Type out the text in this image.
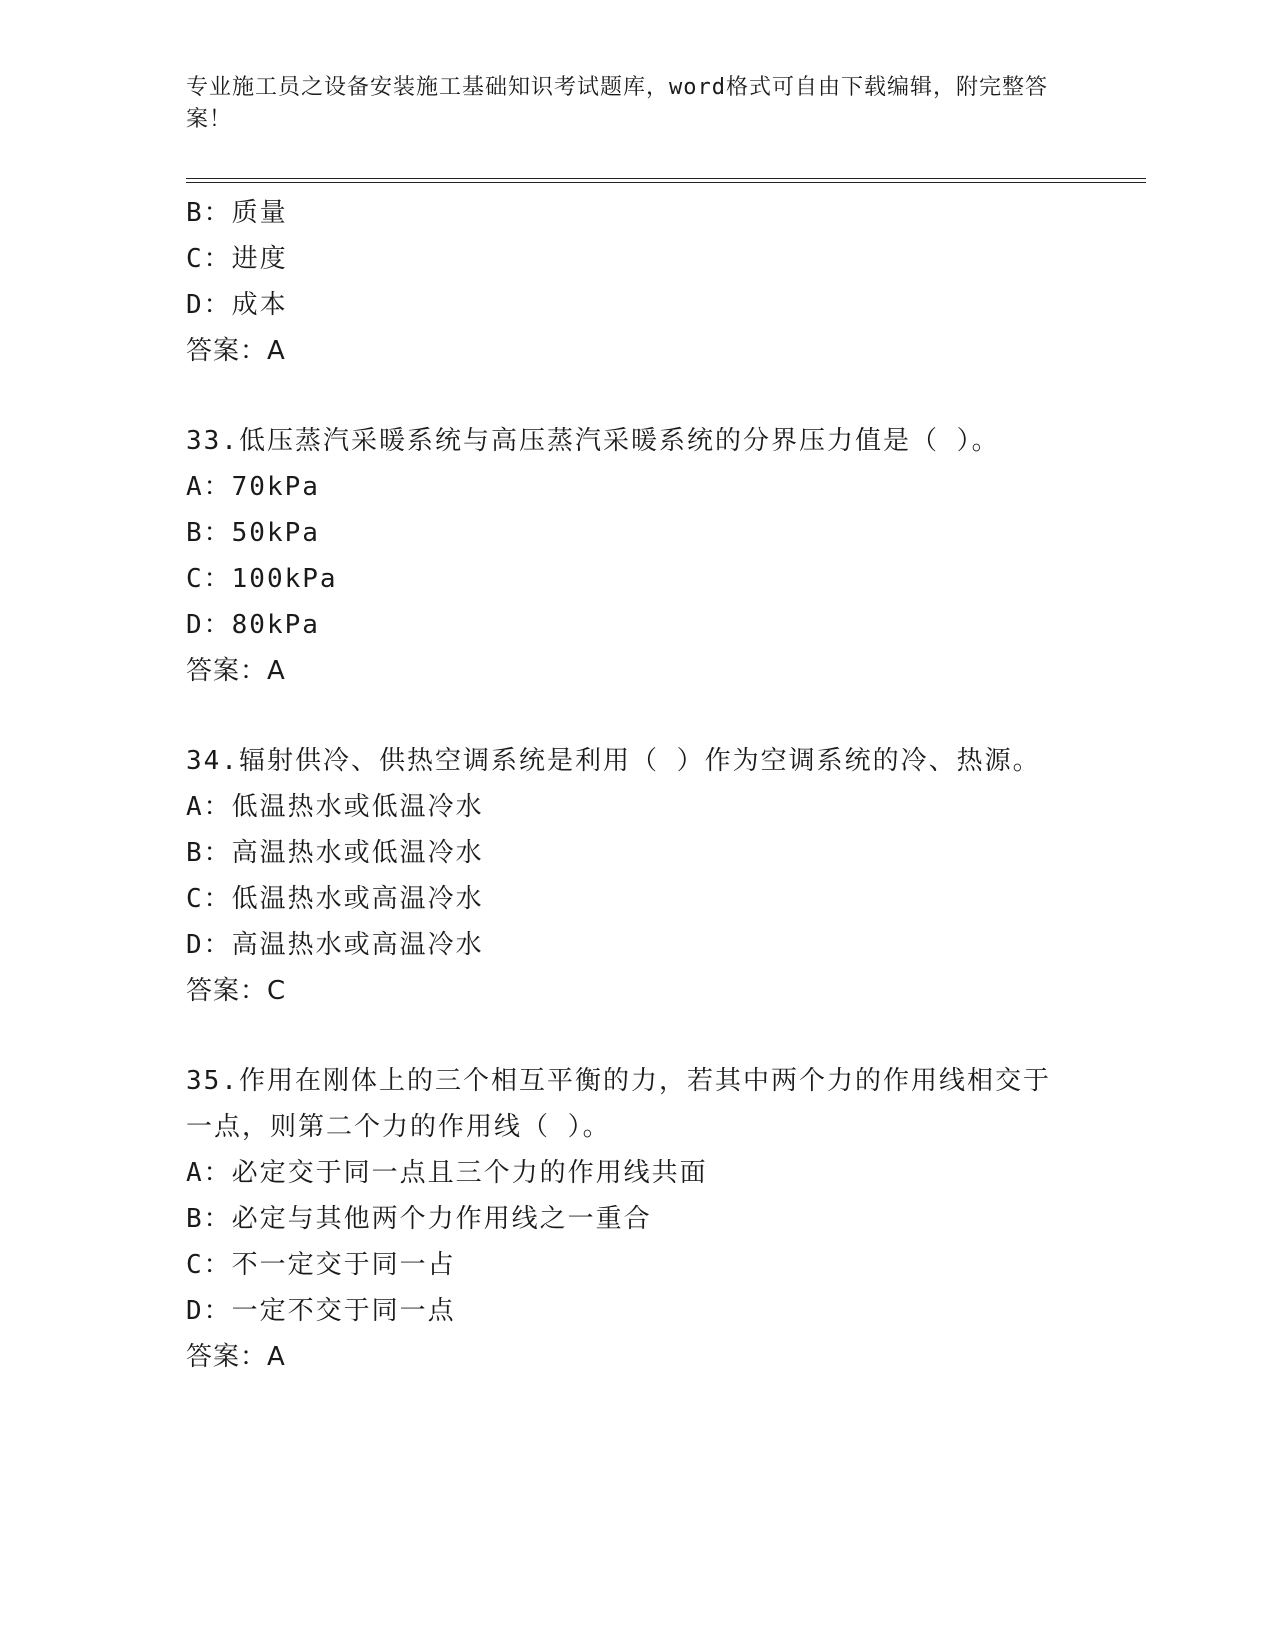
专业施工员之设备安装施工基础知识考试题库，word格式可自由下载编辑，附完整答案！
B：质量
C：进度
D：成本
答案：A
33.低压蒸汽采暖系统与高压蒸汽采暖系统的分界压力值是（ ）。
A：70kPa
B：50kPa
C：100kPa
D：80kPa
答案：A
34.辐射供冷、供热空调系统是利用（ ）作为空调系统的冷、热源。
A：低温热水或低温冷水
B：高温热水或低温冷水
C：低温热水或高温冷水
D：高温热水或高温冷水
答案：C
35.作用在刚体上的三个相互平衡的力，若其中两个力的作用线相交于
一点，则第二个力的作用线（ ）。
A：必定交于同一点且三个力的作用线共面
B：必定与其他两个力作用线之一重合
C：不一定交于同一占
D：一定不交于同一点
答案：A
